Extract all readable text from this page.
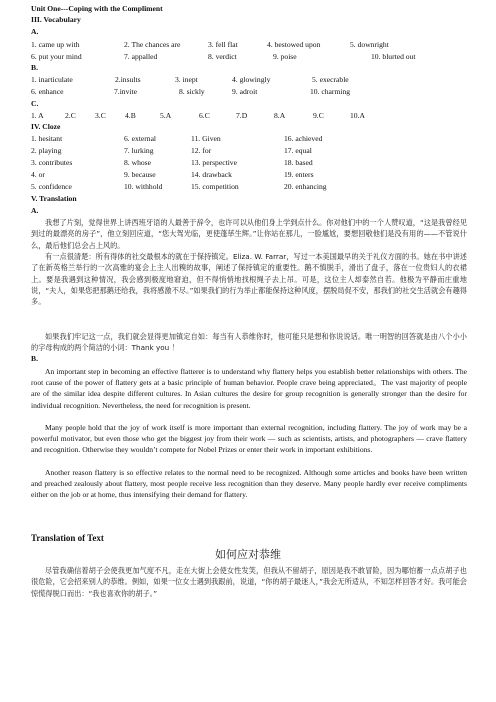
Unit One---Coping with the Compliment
III. Vocabulary
A.
1. came up with	2. The chances are	3. fell flat	4. bestowed upon	5. downright
6. put your mind	7. appalled	8. verdict	9. poise	10. blurted out
B.
1. inarticulate	2.insults	3. inept	4. glowingly	5. execrable
6. enhance	7.invite	8. sickly	9. adroit	10. charming
C.
1. A	2.C	3.C	4.B	5.A	6.C	7.D	8.A	9.C	10.A
IV. Cloze
1. hesitant	6. external	11. Given	16. achieved
2. playing	7. lurking	12. for	17. equal
3. contributes	8. whose	13. perspective	18. based
4. or	9. because	14. drawback	19. enters
5. confidence	10. withhold	15. competition	20. enhancing
V. Translation
A.
我想了片刻，觉得世界上讲西班牙语的人最善于辞令，也许可以从他们身上学到点什么。你对他们中的一个人赞叹道，“这是我曾经见到过的最漂亮的房子”，他立刻回应道，“您大驾光临，更使蓬荜生辉。”让你站在那儿，一脸尴尬，要想回敬他们是没有用的——不管说什么，最后他们总会占上风的。
有一点很清楚：所有得体的社交最根本的就在于保持镇定。Eliza. W. Farrar，写过一本美国最早的关于礼仪方面的书。她在书中讲述了在新英格兰举行的一次高雅的宴会上主人出糗的故事，阐述了保持镇定的重要性。鹅不慎脱手，滑出了盘子，落在一位贵妇人的衣裙上。要是我遇到这种情况，我会感到极度地窘迫，但不得悄悄地找根绳子去上吊。可是，这位主人却泰然自若。他极为平静而庄重地说，“夫人，如果您把那鹅还给我，我将感激不尽。”如果我们的行为举止都能保持这种风度，摆脱局促不安，那我们的社交生活就会有趣得多。
如果我们牢记这一点，我们就会显得更加镇定自如：每当有人恭维你时，他可能只是想和你说说话。唯一明智的回答就是由八个小小的字母构成的两个简洁的小词：Thank you ！
B.
An important step in becoming an effective flatterer is to understand why flattery helps you establish better relationships with others. The root cause of the power of flattery gets at a basic principle of human behavior. People crave being appreciated。The vast majority of people are of the similar idea despite different cultures. In Asian cultures the desire for group recognition is generally stronger than the desire for individual recognition. Nevertheless, the need for recognition is present.
Many people hold that the joy of work itself is more important than external recognition, including flattery. The joy of work may be a powerful motivator, but even those who get the biggest joy from their work — such as scientists, artists, and photographers — crave flattery and recognition. Otherwise they wouldn’t compete for Nobel Prizes or enter their work in important exhibitions.
Another reason flattery is so effective relates to the normal need to be recognized. Although some articles and books have been written and preached zealously about flattery, most people receive less recognition than they deserve. Many people hardly ever receive compliments either on the job or at home, thus intensifying their demand for flattery.
Translation of Text
如何应对恭维
尽管我确信着胡子会使我更加气度不凡，走在大街上会使女性发笑，但我从不留胡子，原因是我不敢冒险，因为哪怕蓄一点点胡子也很危险，它会招来别人的恭维。例如，如果一位女士遇到我跟前，说道，“你的胡子最迷人，”我会无所适从，不知怎样回答才好。我可能会惊慌得脱口而出：“我也喜欢你的胡子。”
